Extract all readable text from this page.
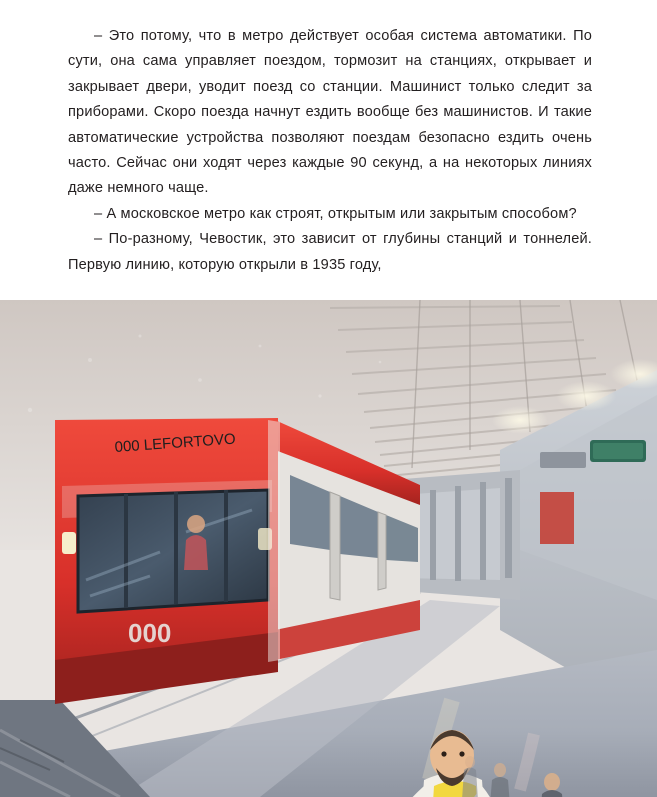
– Это потому, что в метро действует особая система автоматики. По сути, она сама управляет поездом, тормозит на станциях, открывает и закрывает двери, уводит поезд со станции. Машинист только следит за приборами. Скоро поезда начнут ездить вообще без машинистов. И такие автоматические устройства позволяют поездам безопасно ездить очень часто. Сейчас они ходят через каждые 90 секунд, а на некоторых линиях даже немного чаще.

– А московское метро как строят, открытым или закрытым способом?

– По-разному, Чевостик, это зависит от глубины станций и тоннелей. Первую линию, которую открыли в 1935 году,

000 LEFORTOVO
000
